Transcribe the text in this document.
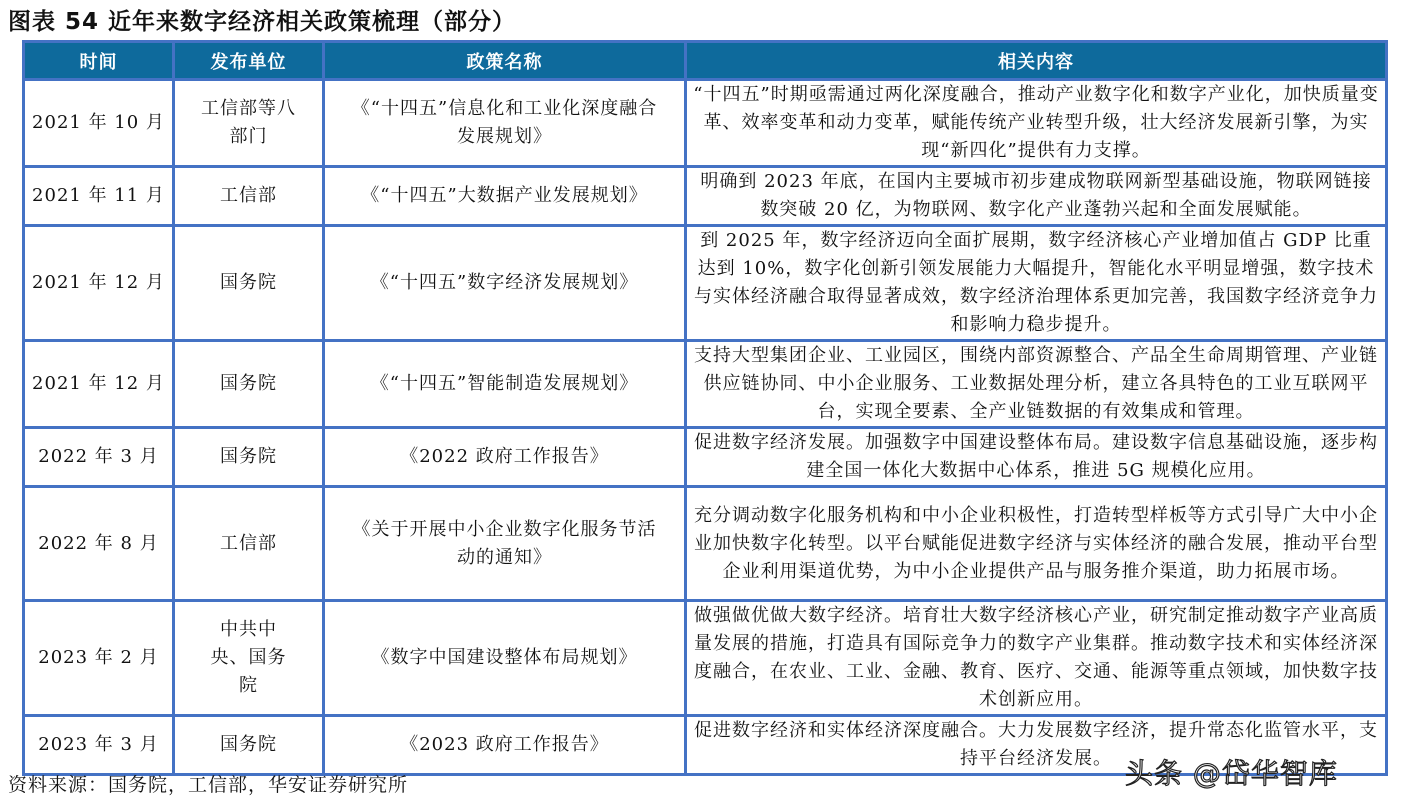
图表 54 近年来数字经济相关政策梳理（部分）
时间	发布单位	政策名称	相关内容
2021 年 10 月	工信部等八部门	《“十四五”信息化和工业化深度融合发展规划》	“十四五”时期亟需通过两化深度融合，推动产业数字化和数字产业化，加快质量变革、效率变革和动力变革，赋能传统产业转型升级，壮大经济发展新引擎，为实现“新四化”提供有力支撑。
2021 年 11 月	工信部	《“十四五”大数据产业发展规划》	明确到 2023 年底，在国内主要城市初步建成物联网新型基础设施，物联网链接数突破 20 亿，为物联网、数字化产业蓬勃兴起和全面发展赋能。
2021 年 12 月	国务院	《“十四五”数字经济发展规划》	到 2025 年，数字经济迈向全面扩展期，数字经济核心产业增加值占 GDP 比重达到 10%，数字化创新引领发展能力大幅提升，智能化水平明显增强，数字技术与实体经济融合取得显著成效，数字经济治理体系更加完善，我国数字经济竞争力和影响力稳步提升。
2021 年 12 月	国务院	《“十四五”智能制造发展规划》	支持大型集团企业、工业园区，围绕内部资源整合、产品全生命周期管理、产业链供应链协同、中小企业服务、工业数据处理分析，建立各具特色的工业互联网平台，实现全要素、全产业链数据的有效集成和管理。
2022 年 3 月	国务院	《2022 政府工作报告》	促进数字经济发展。加强数字中国建设整体布局。建设数字信息基础设施，逐步构建全国一体化大数据中心体系，推进 5G 规模化应用。
2022 年 8 月	工信部	《关于开展中小企业数字化服务节活动的通知》	充分调动数字化服务机构和中小企业积极性，打造转型样板等方式引导广大中小企业加快数字化转型。以平台赋能促进数字经济与实体经济的融合发展，推动平台型企业利用渠道优势，为中小企业提供产品与服务推介渠道，助力拓展市场。
2023 年 2 月	中共中央、国务院	《数字中国建设整体布局规划》	做强做优做大数字经济。培育壮大数字经济核心产业，研究制定推动数字产业高质量发展的措施，打造具有国际竞争力的数字产业集群。推动数字技术和实体经济深度融合，在农业、工业、金融、教育、医疗、交通、能源等重点领域，加快数字技术创新应用。
2023 年 3 月	国务院	《2023 政府工作报告》	促进数字经济和实体经济深度融合。大力发展数字经济，提升常态化监管水平，支持平台经济发展。
资料来源：国务院，工信部，华安证券研究所	头条 @岱华智库
